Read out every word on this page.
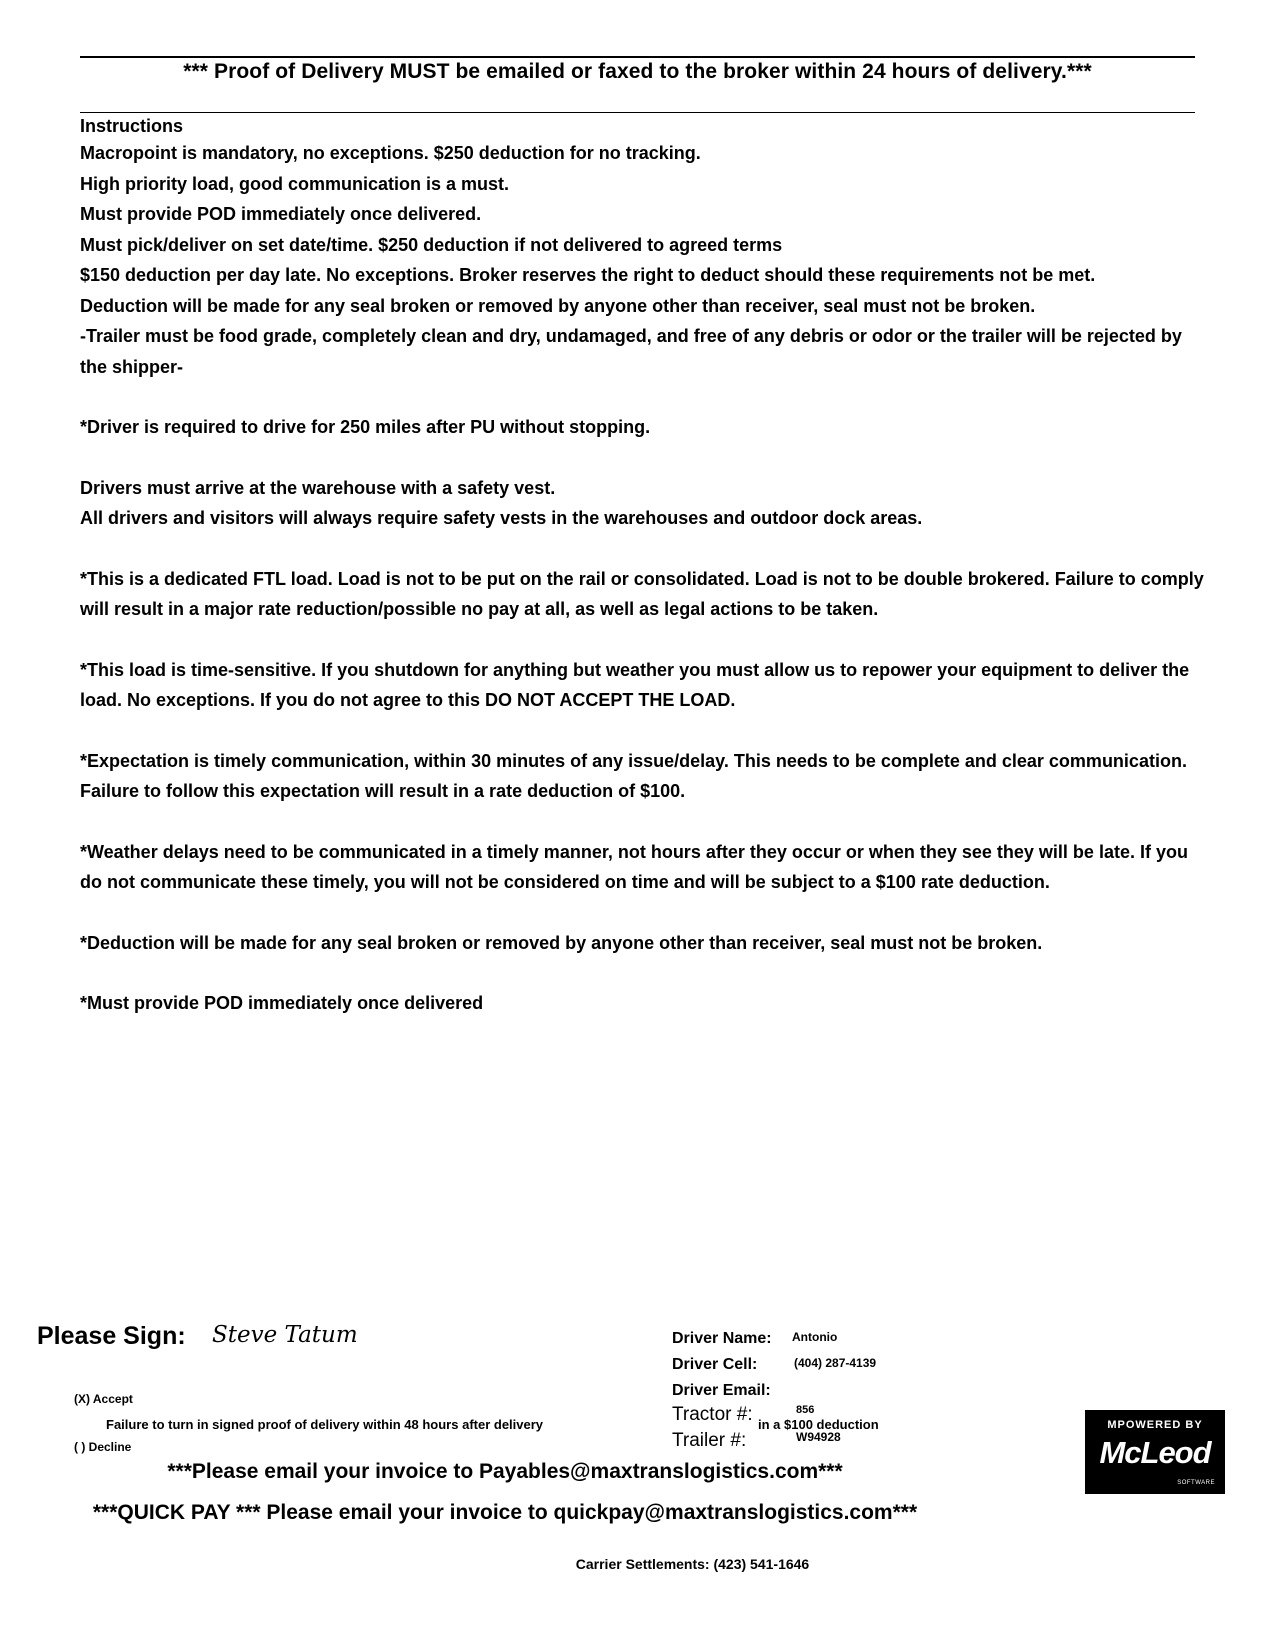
*** Proof of Delivery MUST be emailed or faxed to the broker within 24 hours of delivery.***

Instructions

Macropoint is mandatory, no exceptions. $250 deduction for no tracking.

High priority load, good communication is a must.

Must provide POD immediately once delivered.

Must pick/deliver on set date/time. $250 deduction if not delivered to agreed terms

$150 deduction per day late. No exceptions. Broker reserves the right to deduct should these requirements not be met.

Deduction will be made for any seal broken or removed by anyone other than receiver, seal must not be broken.

-Trailer must be food grade, completely clean and dry, undamaged, and free of any debris or odor or the trailer will be rejected by the shipper-

*Driver is required to drive for 250 miles after PU without stopping.

Drivers must arrive at the warehouse with a safety vest.

All drivers and visitors will always require safety vests in the warehouses and outdoor dock areas.

*This is a dedicated FTL load. Load is not to be put on the rail or consolidated. Load is not to be double brokered. Failure to comply will result in a major rate reduction/possible no pay at all, as well as legal actions to be taken.

*This load is time-sensitive. If you shutdown for anything but weather you must allow us to repower your equipment to deliver the load. No exceptions. If you do not agree to this DO NOT ACCEPT THE LOAD.

*Expectation is timely communication, within 30 minutes of any issue/delay. This needs to be complete and clear communication. Failure to follow this expectation will result in a rate deduction of $100.

*Weather delays need to be communicated in a timely manner, not hours after they occur or when they see they will be late. If you do not communicate these timely, you will not be considered on time and will be subject to a $100 rate deduction.

*Deduction will be made for any seal broken or removed by anyone other than receiver, seal must not be broken.

*Must provide POD immediately once delivered

Please Sign: Steve Tatum	Driver Name: Antonio
Driver Cell:	(404) 287-4139
Driver Email:
(X) Accept
Failure to turn in signed proof of delivery within 48 hours after delivery	Tractor #:	856
in a $100 deduction
( ) Decline	Trailer #:	W94928
MPOWERED BY
McLeod
SOFTWARE
***Please email your invoice to Payables@maxtranslogistics.com***
***QUICK PAY *** Please email your invoice to quickpay@maxtranslogistics.com***
Carrier Settlements: (423) 541-1646
